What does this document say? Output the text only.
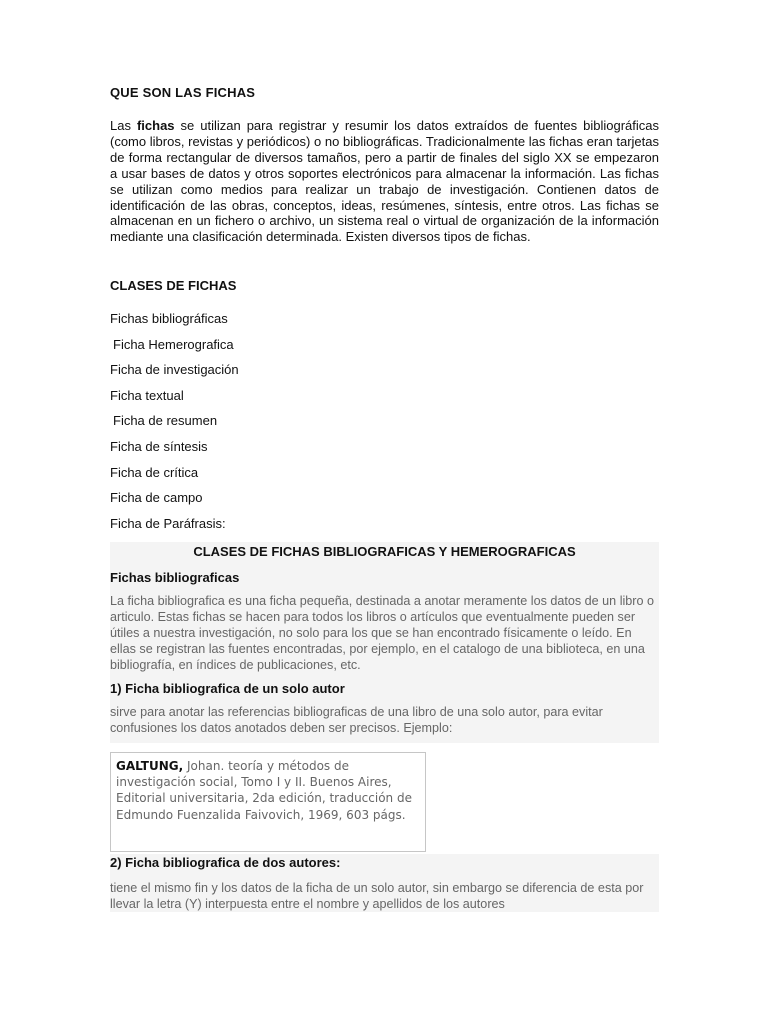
QUE SON LAS FICHAS

Las fichas se utilizan para registrar y resumir los datos extraídos de fuentes bibliográficas (como libros, revistas y periódicos) o no bibliográficas. Tradicionalmente las fichas eran tarjetas de forma rectangular de diversos tamaños, pero a partir de finales del siglo XX se empezaron a usar bases de datos y otros soportes electrónicos para almacenar la información. Las fichas se utilizan como medios para realizar un trabajo de investigación. Contienen datos de identificación de las obras, conceptos, ideas, resúmenes, síntesis, entre otros. Las fichas se almacenan en un fichero o archivo, un sistema real o virtual de organización de la información mediante una clasificación determinada. Existen diversos tipos de fichas.

CLASES DE FICHAS
Fichas bibliográficas
Ficha Hemerografica
Ficha de investigación
Ficha textual
Ficha de resumen
Ficha de síntesis
Ficha de crítica
Ficha de campo
Ficha de Paráfrasis:
CLASES DE FICHAS BIBLIOGRAFICAS Y HEMEROGRAFICAS
Fichas bibliograficas

La ficha bibliografica es una ficha pequeña, destinada a anotar meramente los datos de un libro o articulo. Estas fichas se hacen para todos los libros o artículos que eventualmente pueden ser útiles a nuestra investigación, no solo para los que se han encontrado físicamente o leído. En ellas se registran las fuentes encontradas, por ejemplo, en el catalogo de una biblioteca, en una bibliografía, en índices de publicaciones, etc.

1) Ficha bibliografica de un solo autor

sirve para anotar las referencias bibliograficas de una libro de una solo autor, para evitar confusiones los datos anotados deben ser precisos. Ejemplo:

GALTUNG, Johan. teoría y métodos de investigación social, Tomo I y II. Buenos Aires, Editorial universitaria, 2da edición, traducción de Edmundo Fuenzalida Faivovich, 1969, 603 págs.
2) Ficha bibliografica de dos autores:

tiene el mismo fin y los datos de la ficha de un solo autor, sin embargo se diferencia de esta por llevar la letra (Y) interpuesta entre el nombre y apellidos de los autores
